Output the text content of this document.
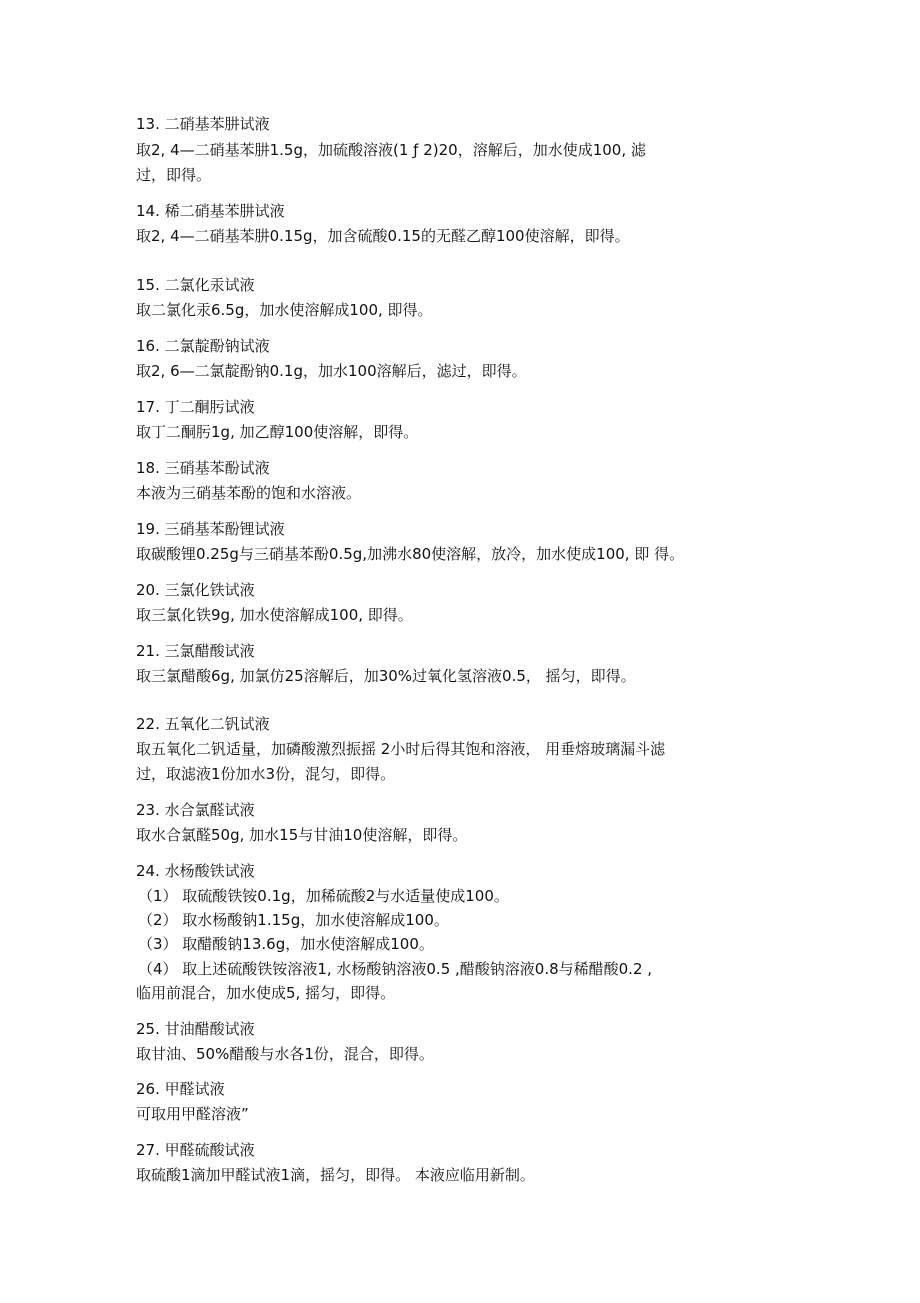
13. 二硝基苯肼试液
取2, 4—二硝基苯肼1.5g，加硫酸溶液(1 ƒ 2)20，溶解后，加水使成100, 滤
过，即得。
14. 稀二硝基苯肼试液
取2, 4—二硝基苯肼0.15g，加含硫酸0.15的无醛乙醇100使溶解，即得。
15. 二氯化汞试液
取二氯化汞6.5g，加水使溶解成100, 即得。
16. 二氯靛酚钠试液
取2, 6—二氯靛酚钠0.1g，加水100溶解后，滤过，即得。
17. 丁二酮肟试液
取丁二酮肟1g, 加乙醇100使溶解，即得。
18. 三硝基苯酚试液
本液为三硝基苯酚的饱和水溶液。
19. 三硝基苯酚锂试液
取碳酸锂0.25g与三硝基苯酚0.5g,加沸水80使溶解，放冷，加水使成100, 即 得。
20. 三氯化铁试液
取三氯化铁9g, 加水使溶解成100, 即得。
21. 三氯醋酸试液
取三氯醋酸6g, 加氯仿25溶解后，加30%过氧化氢溶液0.5， 摇匀，即得。
22. 五氧化二钒试液
取五氧化二钒适量，加磷酸激烈振摇 2小时后得其饱和溶液， 用垂熔玻璃漏斗滤
过，取滤液1份加水3份，混匀，即得。
23. 水合氯醛试液
取水合氯醛50g, 加水15与甘油10使溶解，即得。
24. 水杨酸铁试液
（1） 取硫酸铁铵0.1g，加稀硫酸2与水适量使成100。
（2） 取水杨酸钠1.15g，加水使溶解成100。
（3） 取醋酸钠13.6g，加水使溶解成100。
（4） 取上述硫酸铁铵溶液1, 水杨酸钠溶液0.5 ,醋酸钠溶液0.8与稀醋酸0.2 ,
临用前混合，加水使成5, 摇匀，即得。
25. 甘油醋酸试液
取甘油、50%醋酸与水各1份，混合，即得。
26. 甲醛试液
可取用甲醛溶液”
27. 甲醛硫酸试液
取硫酸1滴加甲醛试液1滴，摇匀，即得。 本液应临用新制。
